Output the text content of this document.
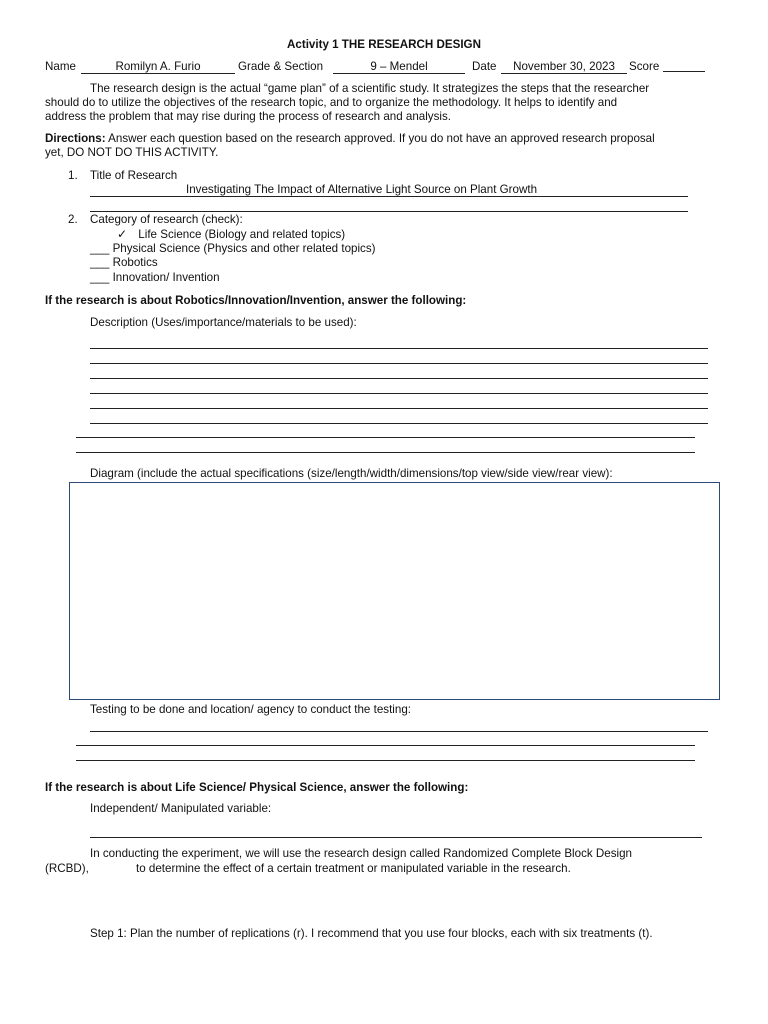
Activity 1 THE RESEARCH DESIGN
Name	Romilyn A. Furio	Grade & Section	9 – Mendel	Date	November 30, 2023	Score
The research design is the actual “game plan” of a scientific study. It strategizes the steps that the researcher
should do to utilize the objectives of the research topic, and to organize the methodology. It helps to identify and
address the problem that may rise during the process of research and analysis.
Directions: Answer each question based on the research approved. If you do not have an approved research proposal
yet, DO NOT DO THIS ACTIVITY.
1. Title of Research
Investigating The Impact of Alternative Light Source on Plant Growth
2. Category of research (check):
✓ Life Science (Biology and related topics)
___ Physical Science (Physics and other related topics)
___ Robotics
___ Innovation/ Invention
If the research is about Robotics/Innovation/Invention, answer the following:
Description (Uses/importance/materials to be used):
Diagram (include the actual specifications (size/length/width/dimensions/top view/side view/rear view):
Testing to be done and location/ agency to conduct the testing:
If the research is about Life Science/ Physical Science, answer the following:
Independent/ Manipulated variable:
In conducting the experiment, we will use the research design called Randomized Complete Block Design
(RCBD),	to determine the effect of a certain treatment or manipulated variable in the research.
Step 1: Plan the number of replications (r). I recommend that you use four blocks, each with six treatments (t).
